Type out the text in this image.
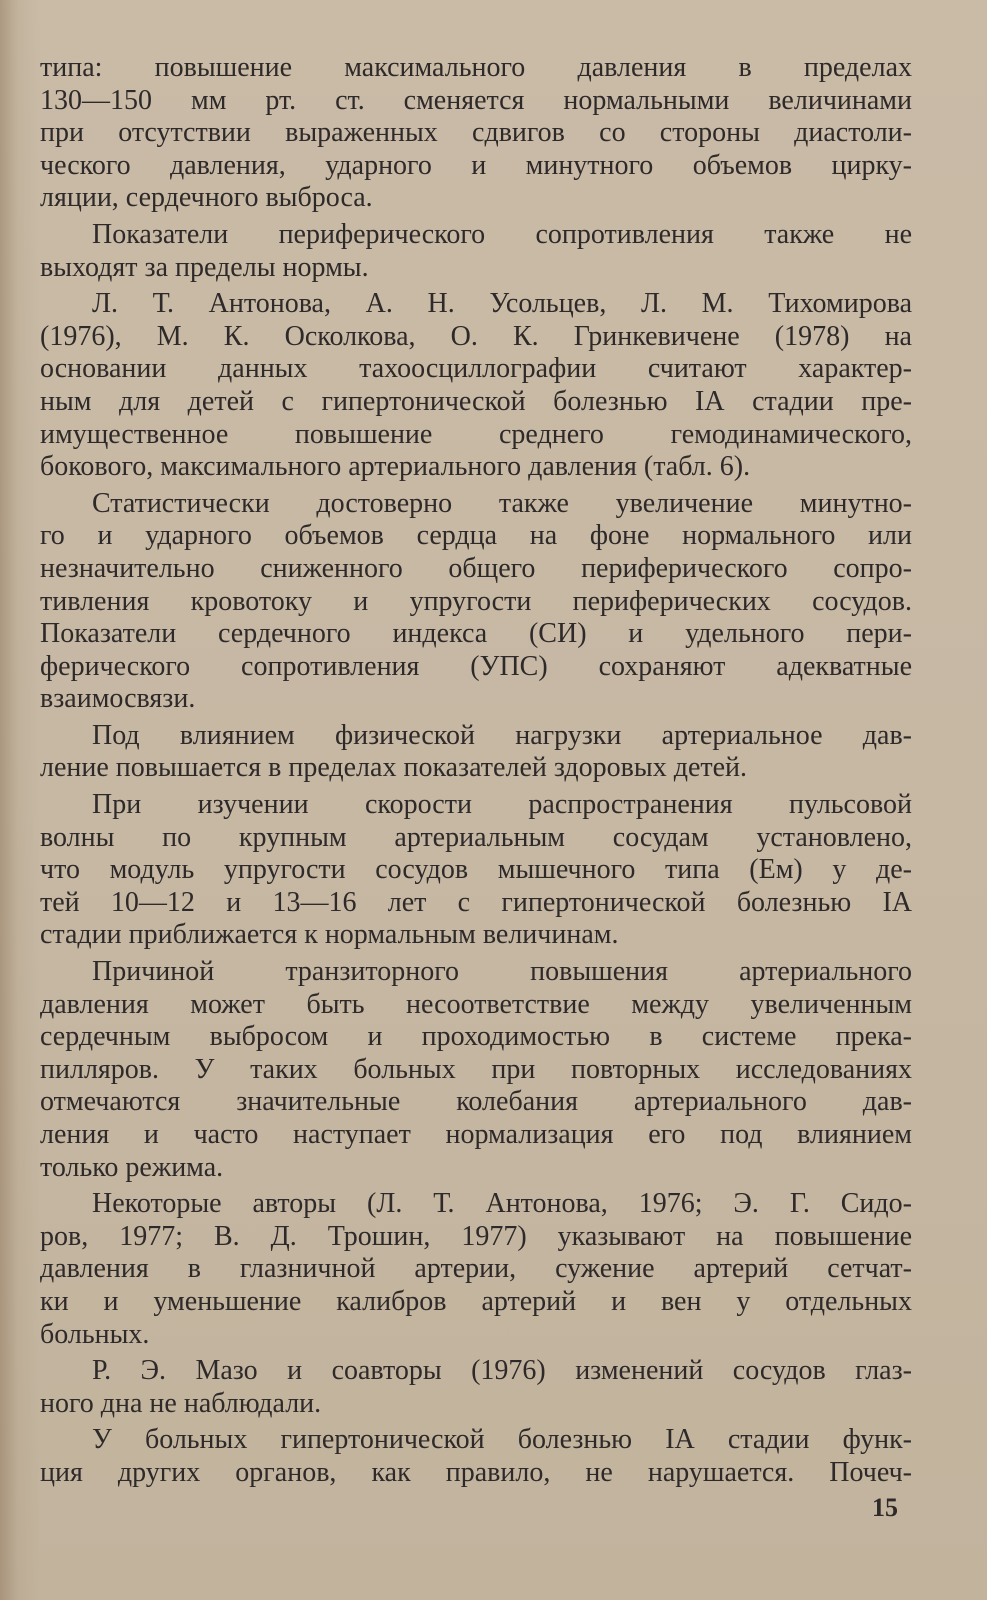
типа: повышение максимального давления в пределах
130—150 мм рт. ст. сменяется нормальными величинами
при отсутствии выраженных сдвигов со стороны диастоли-
ческого давления, ударного и минутного объемов цирку-
ляции, сердечного выброса.
Показатели периферического сопротивления также не
выходят за пределы нормы.
Л. Т. Антонова, А. Н. Усольцев, Л. М. Тихомирова
(1976), М. К. Осколкова, О. К. Гринкевичене (1978) на
основании данных тахоосциллографии считают характер-
ным для детей с гипертонической болезнью IА стадии пре-
имущественное повышение среднего гемодинамического,
бокового, максимального артериального давления (табл. 6).
Статистически достоверно также увеличение минутно-
го и ударного объемов сердца на фоне нормального или
незначительно сниженного общего периферического сопро-
тивления кровотоку и упругости периферических сосудов.
Показатели сердечного индекса (СИ) и удельного пери-
ферического сопротивления (УПС) сохраняют адекватные
взаимосвязи.
Под влиянием физической нагрузки артериальное дав-
ление повышается в пределах показателей здоровых детей.
При изучении скорости распространения пульсовой
волны по крупным артериальным сосудам установлено,
что модуль упругости сосудов мышечного типа (Ем) у де-
тей 10—12 и 13—16 лет с гипертонической болезнью IА
стадии приближается к нормальным величинам.
Причиной транзиторного повышения артериального
давления может быть несоответствие между увеличенным
сердечным выбросом и проходимостью в системе прека-
пилляров. У таких больных при повторных исследованиях
отмечаются значительные колебания артериального дав-
ления и часто наступает нормализация его под влиянием
только режима.
Некоторые авторы (Л. Т. Антонова, 1976; Э. Г. Сидо-
ров, 1977; В. Д. Трошин, 1977) указывают на повышение
давления в глазничной артерии, сужение артерий сетчат-
ки и уменьшение калибров артерий и вен у отдельных
больных.
Р. Э. Мазо и соавторы (1976) изменений сосудов глаз-
ного дна не наблюдали.
У больных гипертонической болезнью IА стадии функ-
ция других органов, как правило, не нарушается. Почеч-
15
